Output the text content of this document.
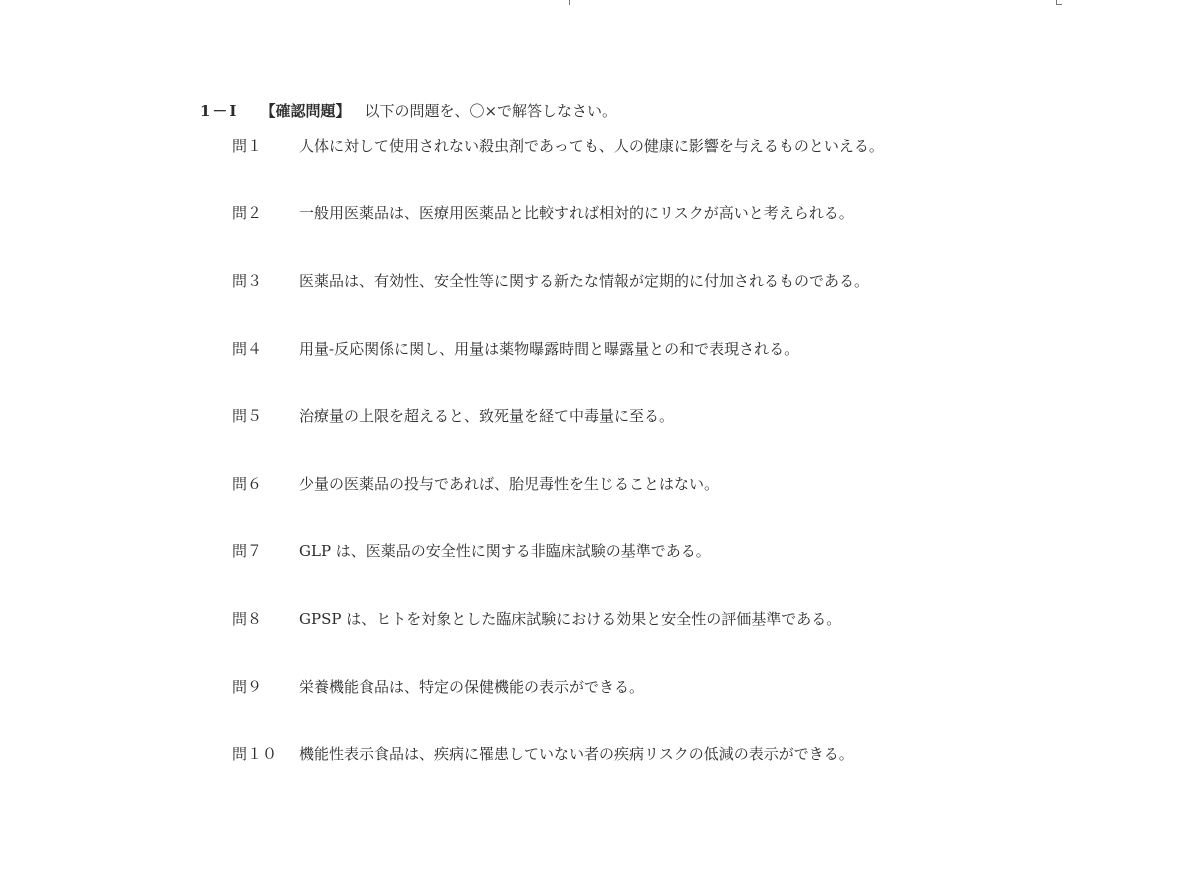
1－Ⅰ 【確認問題】 以下の問題を、〇×で解答しなさい。
問１ 人体に対して使用されない殺虫剤であっても、人の健康に影響を与えるものといえる。
問２ 一般用医薬品は、医療用医薬品と比較すれば相対的にリスクが高いと考えられる。
問３ 医薬品は、有効性、安全性等に関する新たな情報が定期的に付加されるものである。
問４ 用量-反応関係に関し、用量は薬物曝露時間と曝露量との和で表現される。
問５ 治療量の上限を超えると、致死量を経て中毒量に至る。
問６ 少量の医薬品の投与であれば、胎児毒性を生じることはない。
問７ GLP は、医薬品の安全性に関する非臨床試験の基準である。
問８ GPSP は、ヒトを対象とした臨床試験における効果と安全性の評価基準である。
問９ 栄養機能食品は、特定の保健機能の表示ができる。
問１０ 機能性表示食品は、疾病に罹患していない者の疾病リスクの低減の表示ができる。
